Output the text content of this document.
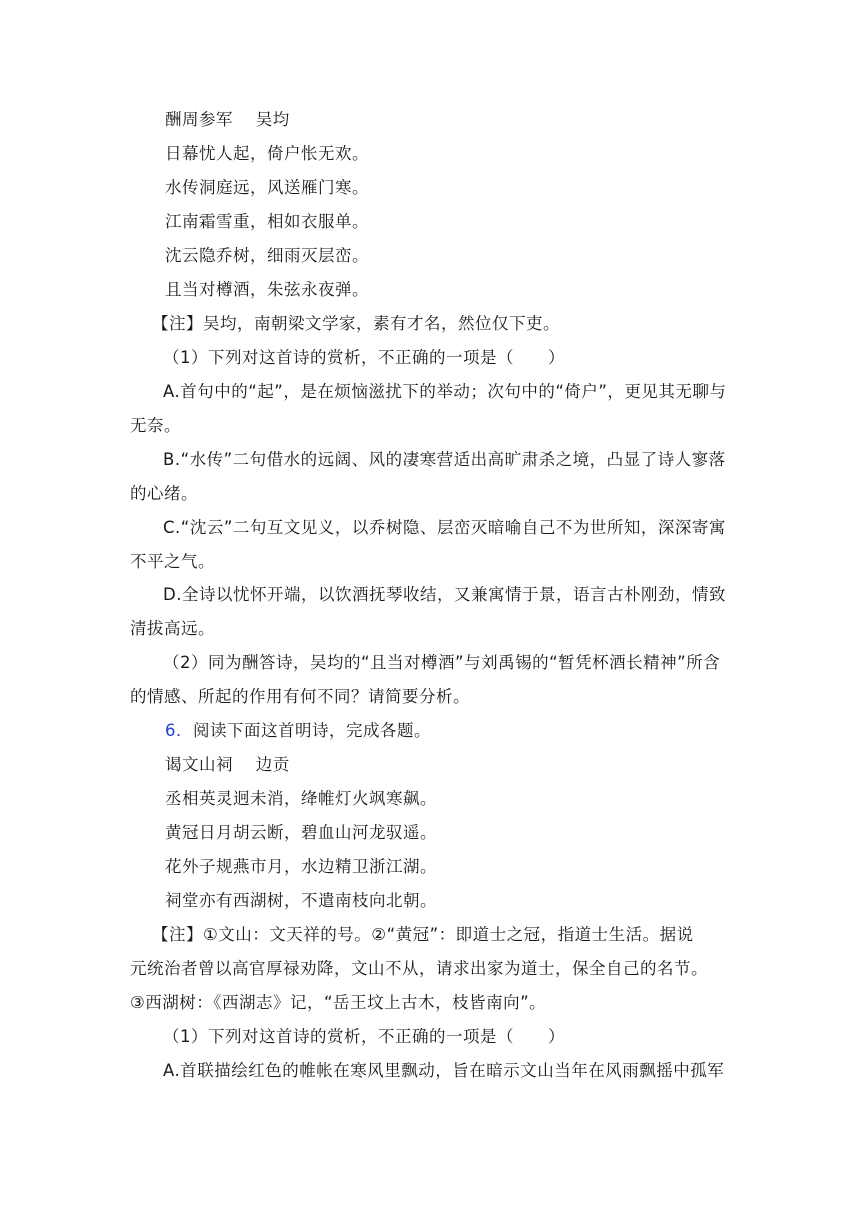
酬周参军　 吴均
日幕忧人起，倚户怅无欢。
水传洞庭远，风送雁门寒。
江南霜雪重，相如衣服单。
沈云隐乔树，细雨灭层峦。
且当对樽酒，朱弦永夜弹。
【注】吴均，南朝梁文学家，素有才名，然位仅下吏。
（1）下列对这首诗的赏析，不正确的一项是（　　）
A.首句中的“起”，是在烦恼滋扰下的举动；次句中的“倚户”，更见其无聊与
无奈。
B.“水传”二句借水的远阔、风的凄寒营适出高旷肃杀之境，凸显了诗人寥落
的心绪。
C.“沈云”二句互文见义，以乔树隐、层峦灭暗喻自己不为世所知，深深寄寓
不平之气。
D.全诗以忧怀开端，以饮酒抚琴收结，又兼寓情于景，语言古朴刚劲，情致
清拔高远。
（2）同为酬答诗，吴均的“且当对樽酒”与刘禹锡的“暂凭杯酒长精神”所含
的情感、所起的作用有何不同？请简要分析。
6．阅读下面这首明诗，完成各题。
谒文山祠　 边贡
丞相英灵迥未消，绛帷灯火飒寒飙。
黄冠日月胡云断，碧血山河龙驭遥。
花外子规燕市月，水边精卫浙江湖。
祠堂亦有西湖树，不遣南枝向北朝。
【注】①文山：文天祥的号。②“黄冠”：即道士之冠，指道士生活。据说
元统治者曾以高官厚禄劝降，文山不从，请求出家为道士，保全自己的名节。
③西湖树：《西湖志》记，“岳王坟上古木，枝皆南向”。
（1）下列对这首诗的赏析，不正确的一项是（　　）
A.首联描绘红色的帷帐在寒风里飘动，旨在暗示文山当年在风雨飘摇中孤军
